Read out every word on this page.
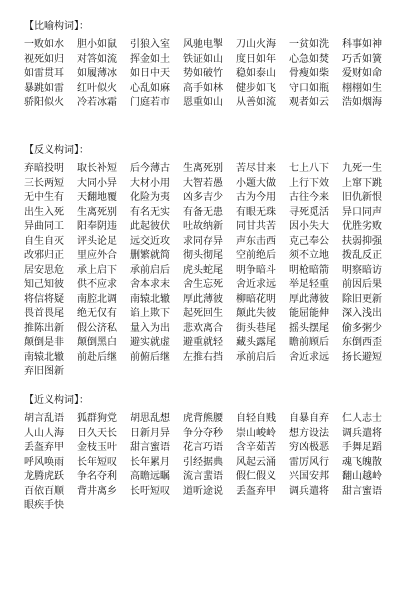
【比喻构词】：
一败如水	胆小如鼠	引狼入室	风驰电掣	刀山火海	一贫如洗	科事如神
视死如归	对答如流	挥金如土	铁证如山	度日如年	心急如焚	巧舌如簧
如雷贯耳	如履薄冰	如日中天	势如破竹	稳如泰山	骨瘦如柴	爱财如命
暴跳如雷	红叶似火	心乱如麻	高手如林	健步如飞	守口如瓶	栩栩如生
骄阳似火	冷若冰霜	门庭若市	恩重如山	从善如流	观者如云	浩如烟海
【反义构词】：
弃暗投明	取长补短	后今薄古	生离死别	苦尽甘来	七上八下	九死一生
三长两短	大同小异	大材小用	大智若愚	小题大做	上行下效	上窜下跳
无中生有	天翻地覆	化险为夷	凶多吉少	古为今用	古往今来	旧仇新恨
出生入死	生离死别	有名无实	有备无患	有眼无珠	寻死觅活	异口同声
异曲同工	阳奉阴违	此起彼伏	吐故纳新	同甘共苦	因小失大	优胜劣败
自生自灭	评头论足	远交近攻	求同存异	声东击西	克己奉公	扶弱抑强
改邪归正	里应外合	删繁就简	彻头彻尾	空前绝后	须不立地	拨乱反正
居安思危	承上启下	承前启后	虎头蛇尾	明争暗斗	明枪暗箭	明察暗访
知己知彼	供不应求	舍本求末	舍生忘死	舍近求远	举足轻重	前因后果
将信将疑	南腔北调	南辕北辙	厚此薄彼	柳暗花明	厚此薄彼	除旧更新
畏首畏尾	绝无仅有	谄上欺下	起死回生	颠此失彼	能屈能伸	深入浅出
推陈出新	假公济私	量入为出	悲欢离合	街头巷尾	摇头摆尾	偷多粥少
颠倒是非	颠倒黑白	避实就虚	避重就轻	藏头露尾	瞻前顾后	东倒西歪
南辕北辙	前赴后继	前俯后继	左推右挡	承前启后	舍近求远	扬长避短
弃旧图新
【近义构词】：
胡言乱语	狐群狗党	胡思乱想	虎背熊腰	自轻自贱	自暴自弃	仁人志士
人山人海	日久天长	日新月异	争分夺秒	崇山峻岭	想方设法	调兵遣将
丢盔弃甲	金枝玉叶	甜言蜜语	花言巧语	含辛茹苦	穷凶极恶	手舞足蹈
呼风唤雨	长年短叹	长年累月	引经据典	风起云涌	雷厉风行	魂飞魄散
龙腾虎跃	争名夺利	高瞻远瞩	流言蜚语	假仁假义	兴国安邦	翻山越岭
百依百顺	背井离乡	长吁短叹	道听途说	丢盔弃甲	调兵遣将	甜言蜜语
眼疾手快
